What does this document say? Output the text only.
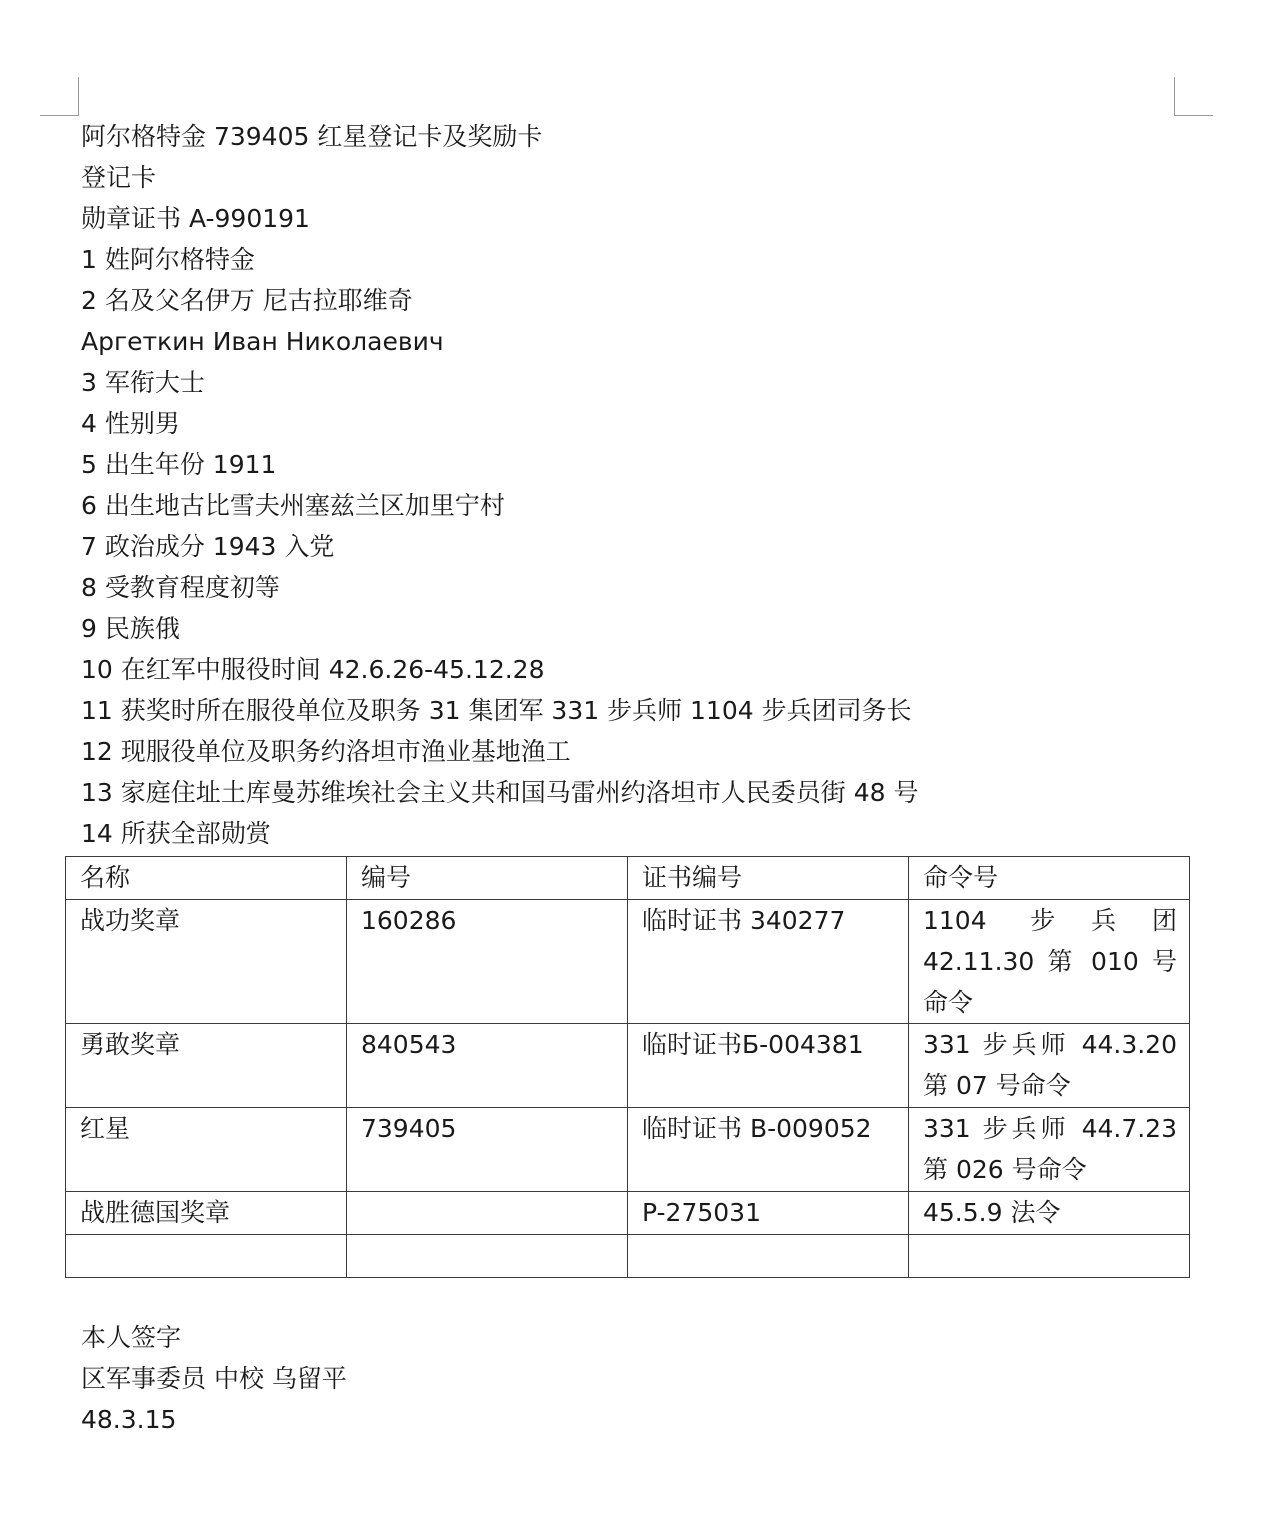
阿尔格特金 739405 红星登记卡及奖励卡
登记卡
勋章证书 A-990191
1 姓阿尔格特金
2 名及父名伊万 尼古拉耶维奇
Аргеткин Иван Николаевич
3 军衔大士
4 性别男
5 出生年份 1911
6 出生地古比雪夫州塞兹兰区加里宁村
7 政治成分 1943 入党
8 受教育程度初等
9 民族俄
10 在红军中服役时间 42.6.26-45.12.28
11 获奖时所在服役单位及职务 31 集团军 331 步兵师 1104 步兵团司务长
12 现服役单位及职务约洛坦市渔业基地渔工
13 家庭住址土库曼苏维埃社会主义共和国马雷州约洛坦市人民委员街 48 号
14 所获全部勋赏
名称	编号	证书编号	命令号
战功奖章	160286	临时证书 340277	1104 步兵团 42.11.30 第 010 号命令
勇敢奖章	840543	临时证书Б-004381	331 步兵师 44.3.20 第 07 号命令
红星	739405	临时证书 B-009052	331 步兵师 44.7.23 第 026 号命令
战胜德国奖章		P-275031	45.5.9 法令

本人签字
区军事委员 中校 乌留平
48.3.15
